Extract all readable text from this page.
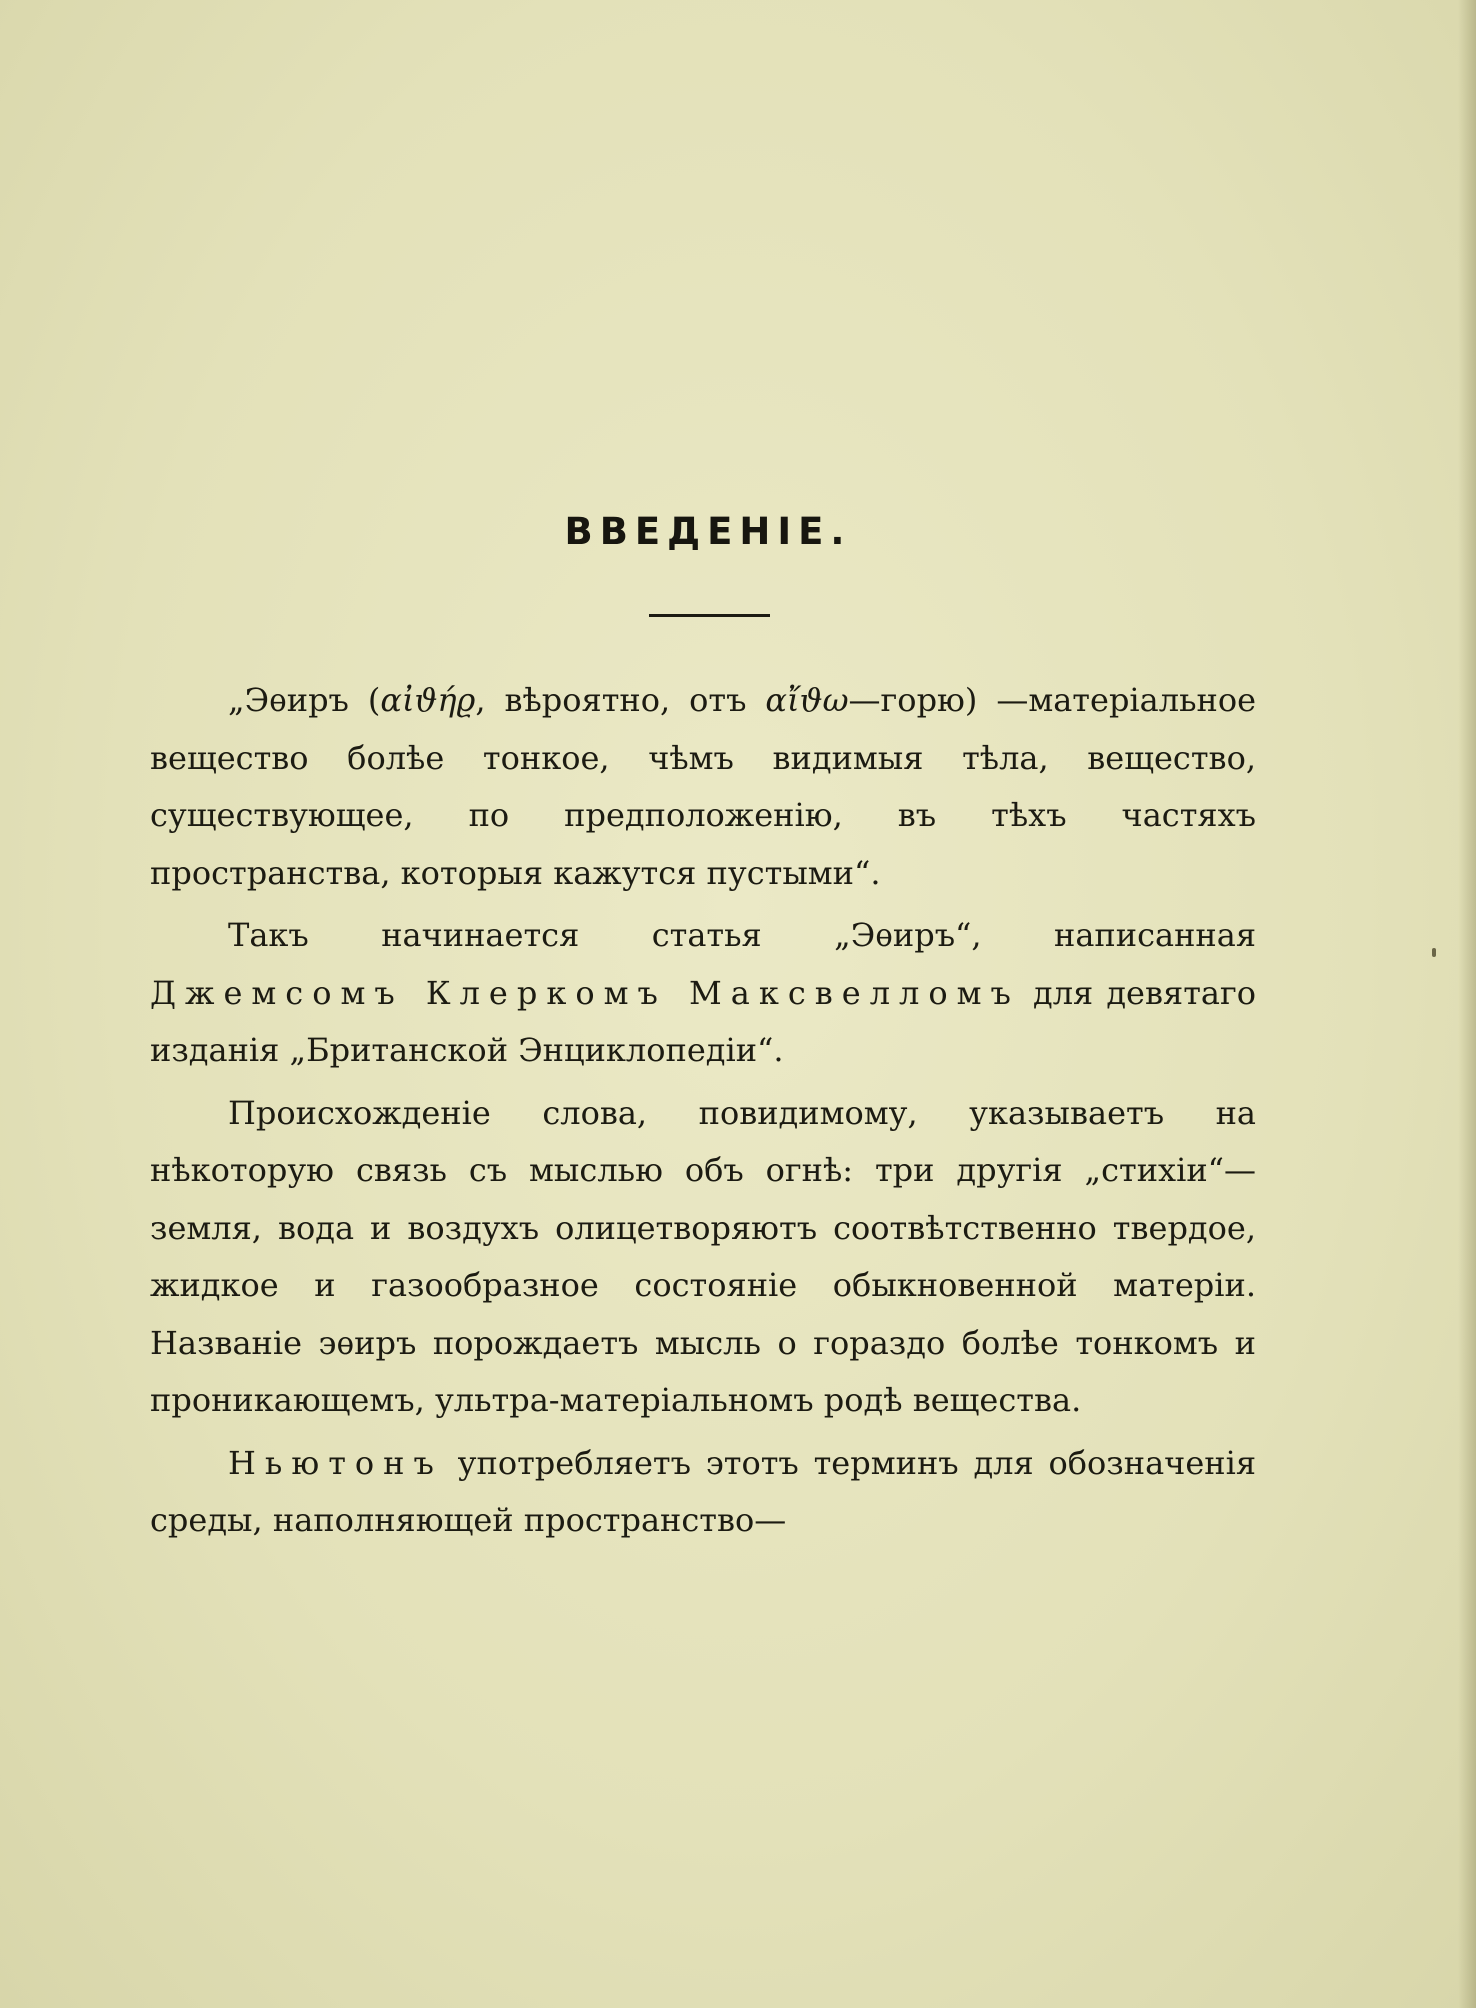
ВВЕДЕНІЕ.

„Эѳиръ (αἰϑήϱ, вѣроятно, отъ αἴϑω—горю) —матеріальное вещество болѣе тонкое, чѣмъ видимыя тѣла, вещество, существующее, по предположенію, въ тѣхъ частяхъ пространства, которыя кажутся пустыми“.

Такъ начинается статья „Эѳиръ“, написанная Джемсомъ Клеркомъ Максвелломъ для девятаго изданія „Британской Энциклопедіи“.

Происхожденіе слова, повидимому, указываетъ на нѣкоторую связь съ мыслью объ огнѣ: три другія „стихіи“—земля, вода и воздухъ олицетворяютъ соотвѣтственно твердое, жидкое и газообразное состояніе обыкновенной матеріи. Названіе эѳиръ порождаетъ мысль о гораздо болѣе тонкомъ и проникающемъ, ультра-матеріальномъ родѣ вещества.

Ньютонъ употребляетъ этотъ терминъ для обозначенія среды, наполняющей пространство—
